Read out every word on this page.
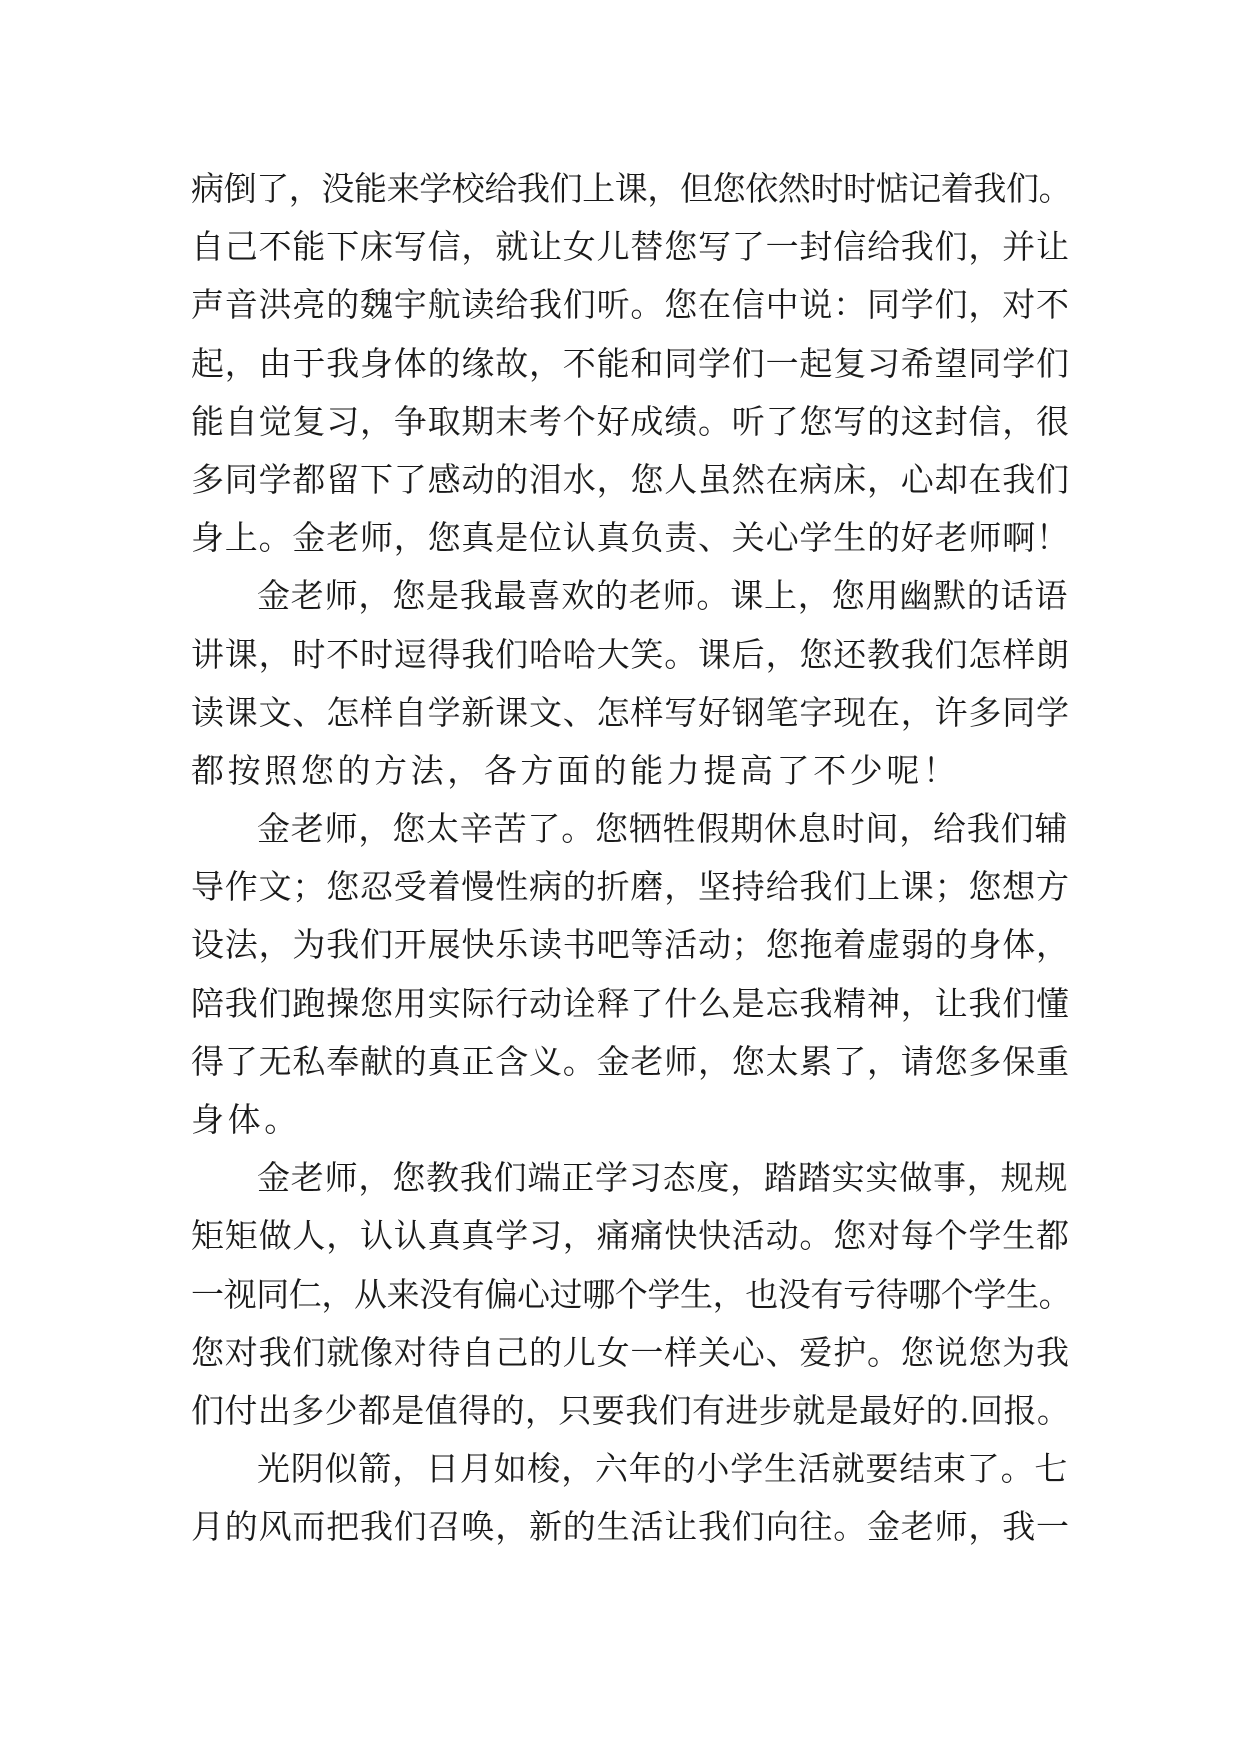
病倒了，没能来学校给我们上课，但您依然时时惦记着我们。
自己不能下床写信，就让女儿替您写了一封信给我们，并让
声音洪亮的魏宇航读给我们听。您在信中说：同学们，对不
起，由于我身体的缘故，不能和同学们一起复习希望同学们
能自觉复习，争取期末考个好成绩。听了您写的这封信，很
多同学都留下了感动的泪水，您人虽然在病床，心却在我们
身上。金老师，您真是位认真负责、关心学生的好老师啊！
金老师，您是我最喜欢的老师。课上，您用幽默的话语
讲课，时不时逗得我们哈哈大笑。课后，您还教我们怎样朗
读课文、怎样自学新课文、怎样写好钢笔字现在，许多同学
都按照您的方法，各方面的能力提高了不少呢！
金老师，您太辛苦了。您牺牲假期休息时间，给我们辅
导作文；您忍受着慢性病的折磨，坚持给我们上课；您想方
设法，为我们开展快乐读书吧等活动；您拖着虚弱的身体，
陪我们跑操您用实际行动诠释了什么是忘我精神，让我们懂
得了无私奉献的真正含义。金老师，您太累了，请您多保重
身体。
金老师，您教我们端正学习态度，踏踏实实做事，规规
矩矩做人，认认真真学习，痛痛快快活动。您对每个学生都
一视同仁，从来没有偏心过哪个学生，也没有亏待哪个学生。
您对我们就像对待自己的儿女一样关心、爱护。您说您为我
们付出多少都是值得的，只要我们有进步就是最好的.回报。
光阴似箭，日月如梭，六年的小学生活就要结束了。七
月的风而把我们召唤，新的生活让我们向往。金老师，我一
